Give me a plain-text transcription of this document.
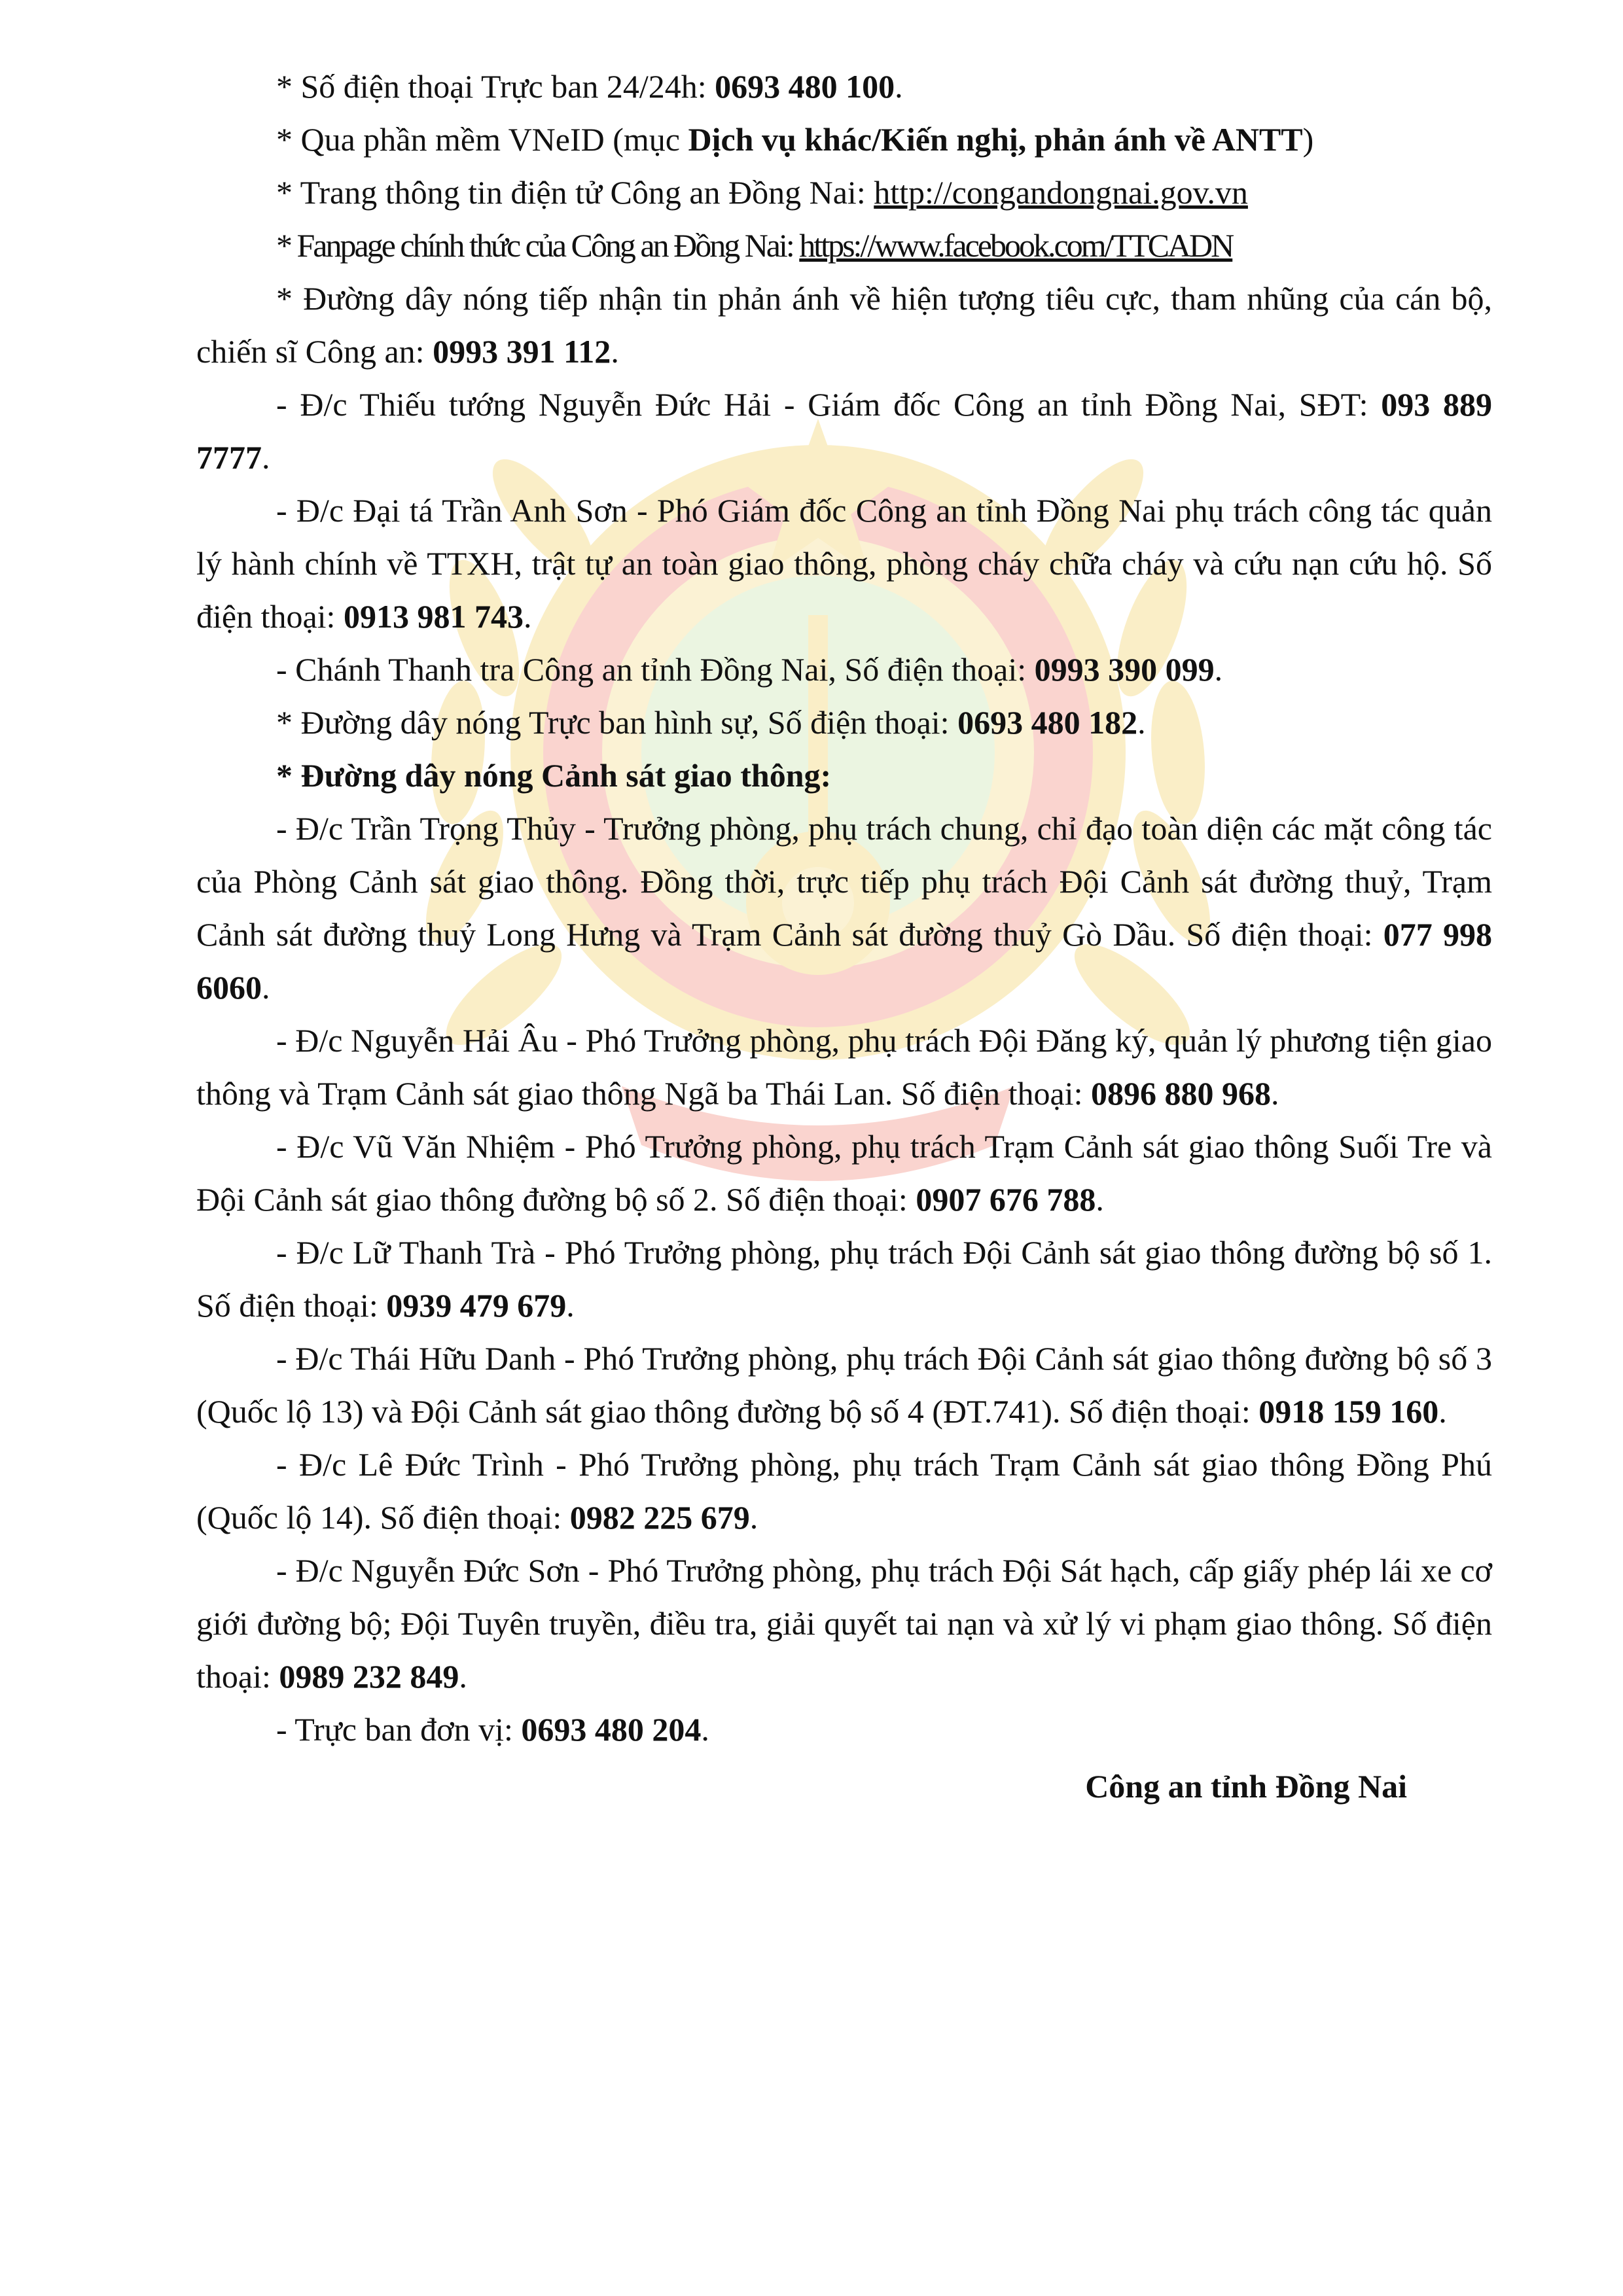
* Số điện thoại Trực ban 24/24h: 0693 480 100.

* Qua phần mềm VNeID (mục Dịch vụ khác/Kiến nghị, phản ánh về ANTT)

* Trang thông tin điện tử Công an Đồng Nai: http://congandongnai.gov.vn

* Fanpage chính thức của Công an Đồng Nai: https://www.facebook.com/TTCADN

* Đường dây nóng tiếp nhận tin phản ánh về hiện tượng tiêu cực, tham nhũng của cán bộ, chiến sĩ Công an: 0993 391 112.

- Đ/c Thiếu tướng Nguyễn Đức Hải - Giám đốc Công an tỉnh Đồng Nai, SĐT: 093 889 7777.

- Đ/c Đại tá Trần Anh Sơn - Phó Giám đốc Công an tỉnh Đồng Nai phụ trách công tác quản lý hành chính về TTXH, trật tự an toàn giao thông, phòng cháy chữa cháy và cứu nạn cứu hộ. Số điện thoại: 0913 981 743.

- Chánh Thanh tra Công an tỉnh Đồng Nai, Số điện thoại: 0993 390 099.

* Đường dây nóng Trực ban hình sự, Số điện thoại: 0693 480 182.

* Đường dây nóng Cảnh sát giao thông:

- Đ/c Trần Trọng Thủy - Trưởng phòng, phụ trách chung, chỉ đạo toàn diện các mặt công tác của Phòng Cảnh sát giao thông. Đồng thời, trực tiếp phụ trách Đội Cảnh sát đường thuỷ, Trạm Cảnh sát đường thuỷ Long Hưng và Trạm Cảnh sát đường thuỷ Gò Dầu. Số điện thoại: 077 998 6060.

- Đ/c Nguyễn Hải Âu - Phó Trưởng phòng, phụ trách Đội Đăng ký, quản lý phương tiện giao thông và Trạm Cảnh sát giao thông Ngã ba Thái Lan. Số điện thoại: 0896 880 968.

- Đ/c Vũ Văn Nhiệm - Phó Trưởng phòng, phụ trách Trạm Cảnh sát giao thông Suối Tre và Đội Cảnh sát giao thông đường bộ số 2. Số điện thoại: 0907 676 788.

- Đ/c Lữ Thanh Trà - Phó Trưởng phòng, phụ trách Đội Cảnh sát giao thông đường bộ số 1. Số điện thoại: 0939 479 679.

- Đ/c Thái Hữu Danh - Phó Trưởng phòng, phụ trách Đội Cảnh sát giao thông đường bộ số 3 (Quốc lộ 13) và Đội Cảnh sát giao thông đường bộ số 4 (ĐT.741). Số điện thoại: 0918 159 160.

- Đ/c Lê Đức Trình - Phó Trưởng phòng, phụ trách Trạm Cảnh sát giao thông Đồng Phú (Quốc lộ 14). Số điện thoại: 0982 225 679.

- Đ/c Nguyễn Đức Sơn - Phó Trưởng phòng, phụ trách Đội Sát hạch, cấp giấy phép lái xe cơ giới đường bộ; Đội Tuyên truyền, điều tra, giải quyết tai nạn và xử lý vi phạm giao thông. Số điện thoại: 0989 232 849.

- Trực ban đơn vị: 0693 480 204.

Công an tỉnh Đồng Nai
